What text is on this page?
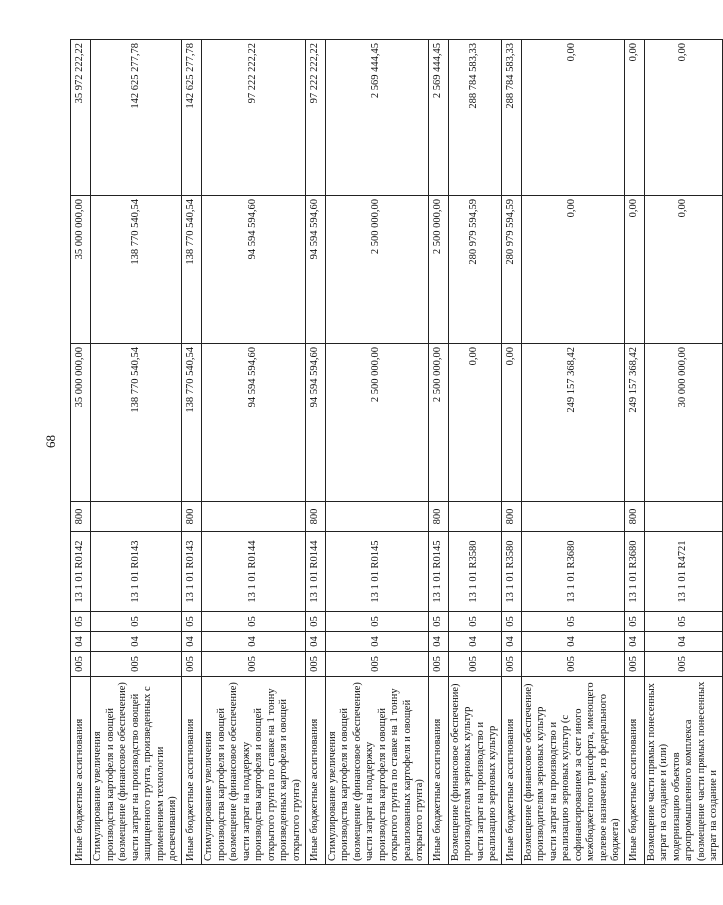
68
Иные бюджетные ассигнования	005	04	05	13 1 01 R0142	800	35 000 000,00	35 000 000,00	35 972 222,22
Стимулирование увеличения производства картофеля и овощей (возмещение (финансовое обеспечение) части затрат на производство овощей защищенного грунта, произведенных с применением технологии досвечивания)	005	04	05	13 1 01 R0143		138 770 540,54	138 770 540,54	142 625 277,78
Иные бюджетные ассигнования	005	04	05	13 1 01 R0143	800	138 770 540,54	138 770 540,54	142 625 277,78
Стимулирование увеличения производства картофеля и овощей (возмещение (финансовое обеспечение) части затрат на поддержку производства картофеля и овощей открытого грунта по ставке на 1 тонну произведенных картофеля и овощей открытого грунта)	005	04	05	13 1 01 R0144		94 594 594,60	94 594 594,60	97 222 222,22
Иные бюджетные ассигнования	005	04	05	13 1 01 R0144	800	94 594 594,60	94 594 594,60	97 222 222,22
Стимулирование увеличения производства картофеля и овощей (возмещение (финансовое обеспечение) части затрат на поддержку производства картофеля и овощей открытого грунта по ставке на 1 тонну реализованных картофеля и овощей открытого грунта)	005	04	05	13 1 01 R0145		2 500 000,00	2 500 000,00	2 569 444,45
Иные бюджетные ассигнования	005	04	05	13 1 01 R0145	800	2 500 000,00	2 500 000,00	2 569 444,45
Возмещение (финансовое обеспечение) производителям зерновых культур части затрат на производство и реализацию зерновых культур	005	04	05	13 1 01 R3580		0,00	280 979 594,59	288 784 583,33
Иные бюджетные ассигнования	005	04	05	13 1 01 R3580	800	0,00	280 979 594,59	288 784 583,33
Возмещение (финансовое обеспечение) производителям зерновых культур части затрат на производство и реализацию зерновых культур (с софинансированием за счет иного межбюджетного трансферта, имеющего целевое назначение, из федерального бюджета)	005	04	05	13 1 01 R3680		249 157 368,42	0,00	0,00
Иные бюджетные ассигнования	005	04	05	13 1 01 R3680	800	249 157 368,42	0,00	0,00
Возмещение части прямых понесенных затрат на создание и (или) модернизацию объектов агропромышленного комплекса (возмещение части прямых понесенных затрат на создание и	005	04	05	13 1 01 R4721		30 000 000,00	0,00	0,00
